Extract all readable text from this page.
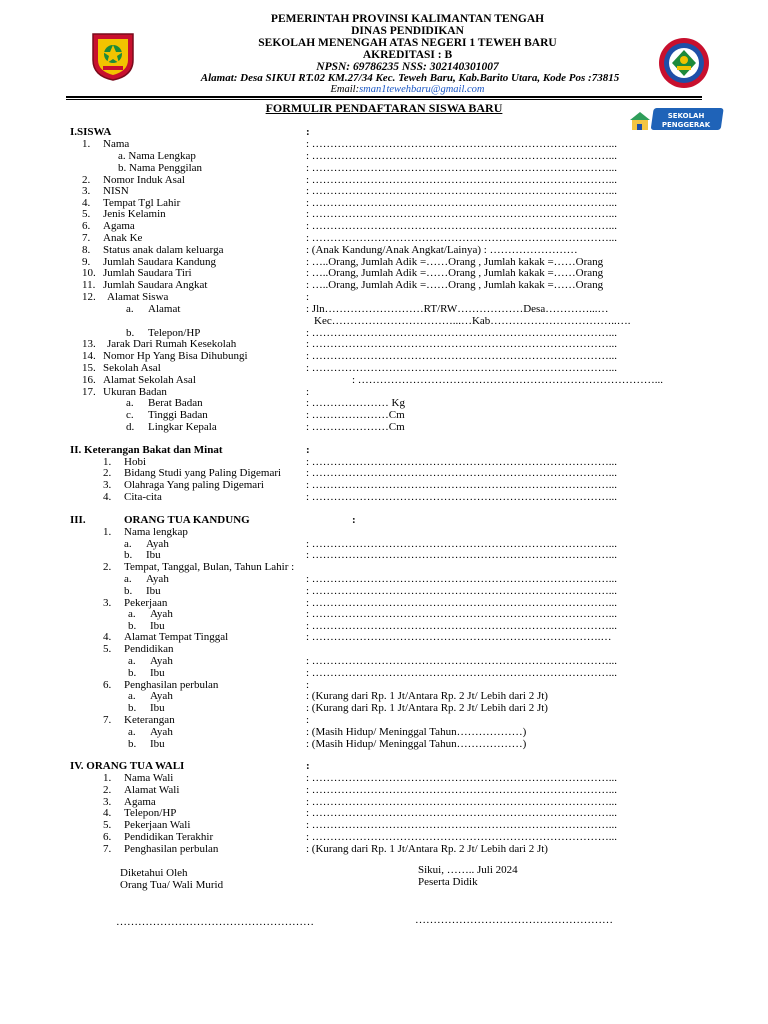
PEMERINTAH PROVINSI KALIMANTAN TENGAH
DINAS PENDIDIKAN
SEKOLAH MENENGAH ATAS NEGERI 1 TEWEH BARU
AKREDITASI : B
NPSN: 69786235 NSS: 302140301007
Alamat: Desa SIKUI RT.02 KM.27/34 Kec. Teweh Baru, Kab.Barito Utara, Kode Pos :73815
Email:sman1tewehbaru@gmail.com
SEKOLAH
PENGGERAK
FORMULIR PENDAFTARAN SISWA BARU
I.SISWA	:
1. Nama	: ………………………………………………………………………...
a. Nama Lengkap	: ………………………………………………………………………...
b. Nama Penggilan	: ………………………………………………………………………...
2. Nomor Induk Asal	: ………………………………………………………………………...
3. NISN	: ………………………………………………………………………...
4. Tempat Tgl Lahir	: ………………………………………………………………………...
5. Jenis Kelamin	: ………………………………………………………………………...
6. Agama	: ………………………………………………………………………...
7. Anak Ke	: ………………………………………………………………………...
8. Status anak dalam keluarga	: (Anak Kandung/Anak Angkat/Lainya) : ……………………
9. Jumlah Saudara Kandung	: …..Orang, Jumlah Adik =……Orang , Jumlah kakak =……Orang
10. Jumlah Saudara Tiri	: …..Orang, Jumlah Adik =……Orang , Jumlah kakak =……Orang
11. Jumlah Saudara Angkat	: …..Orang, Jumlah Adik =……Orang , Jumlah kakak =……Orang
12. Alamat Siswa	:
a. Alamat	: Jln………………………RT/RW………………Desa…………...…
Kec……………………………...…Kab……………………………..….
b. Telepon/HP	: ………………………………………………………………………...
13. Jarak Dari Rumah Kesekolah	: ………………………………………………………………………...
14. Nomor Hp Yang Bisa Dihubungi	: ………………………………………………………………………...
15. Sekolah Asal	: ………………………………………………………………………...
16. Alamat Sekolah Asal	: ………………………………………………………………………...
17. Ukuran Badan	:
a. Berat Badan	: ………………… Kg
c. Tinggi Badan	: …………………Cm
d. Lingkar Kepala	: …………………Cm
II. Keterangan Bakat dan Minat	:
1. Hobi	: ………………………………………………………………………...
2. Bidang Studi yang Paling Digemari : ………………………………………………………………………...
3. Olahraga Yang paling Digemari	: ………………………………………………………………………...
4. Cita-cita	: ………………………………………………………………………...
III.	ORANG TUA KANDUNG	:
1. Nama lengkap
a. Ayah	: ………………………………………………………………………...
b. Ibu	: ………………………………………………………………………...
2. Tempat, Tanggal, Bulan, Tahun Lahir :
a. Ayah	: ………………………………………………………………………...
b. Ibu	: ………………………………………………………………………...
3. Pekerjaan	: ………………………………………………………………………...
a. Ayah	: ………………………………………………………………………...
b. Ibu	: ………………………………………………………………………...
4. Alamat Tempat Tinggal	: …………………………………………………………………….…
5. Pendidikan
a. Ayah	: ………………………………………………………………………...
b. Ibu	: ………………………………………………………………………...
6. Penghasilan perbulan	:
a. Ayah	: (Kurang dari Rp. 1 Jt/Antara Rp. 2 Jt/ Lebih dari 2 Jt)
b. Ibu	: (Kurang dari Rp. 1 Jt/Antara Rp. 2 Jt/ Lebih dari 2 Jt)
7. Keterangan	:
a. Ayah	: (Masih Hidup/ Meninggal Tahun………………)
b. Ibu	: (Masih Hidup/ Meninggal Tahun………………)
IV. ORANG TUA WALI	:
1. Nama Wali	: ………………………………………………………………………...
2. Alamat Wali	: ………………………………………………………………………...
3. Agama	: ………………………………………………………………………...
4. Telepon/HP	: ………………………………………………………………………...
5. Pekerjaan Wali	: ………………………………………………………………………...
6. Pendidikan Terakhir	: ………………………………………………………………………...
7. Penghasilan perbulan	: (Kurang dari Rp. 1 Jt/Antara Rp. 2 Jt/ Lebih dari 2 Jt)
Diketahui Oleh
Orang Tua/ Wali Murid
Sikui, …….. Juli 2024
Peserta Didik
………………………………………………	………………………………………………
